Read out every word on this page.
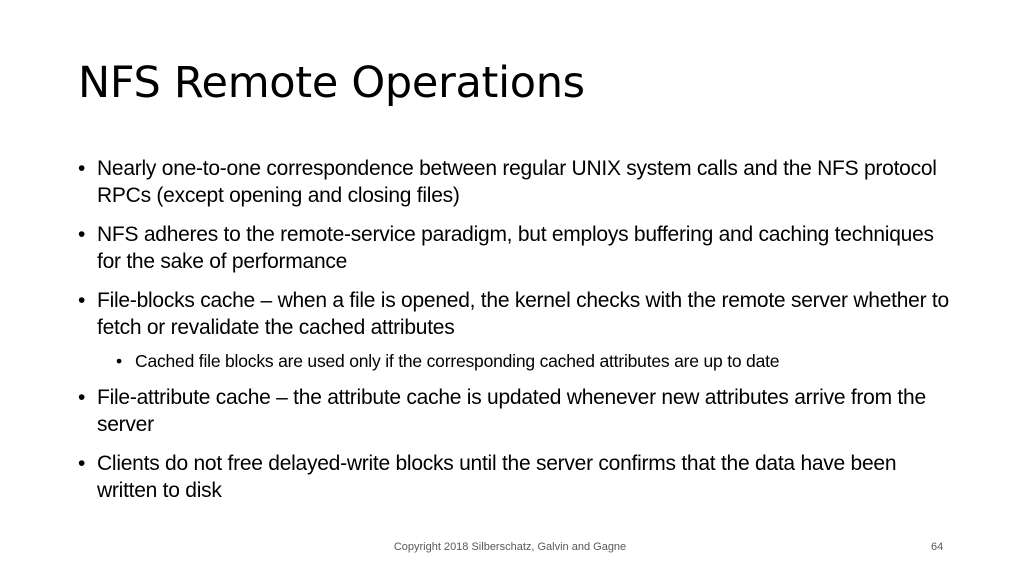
NFS Remote Operations
• Nearly one-to-one correspondence between regular UNIX system calls and the NFS protocol RPCs (except opening and closing files)
• NFS adheres to the remote-service paradigm, but employs buffering and caching techniques for the sake of performance
• File-blocks cache – when a file is opened, the kernel checks with the remote server whether to fetch or revalidate the cached attributes
• Cached file blocks are used only if the corresponding cached attributes are up to date
• File-attribute cache – the attribute cache is updated whenever new attributes arrive from the server
• Clients do not free delayed-write blocks until the server confirms that the data have been written to disk
Copyright 2018 Silberschatz, Galvin and Gagne	64
